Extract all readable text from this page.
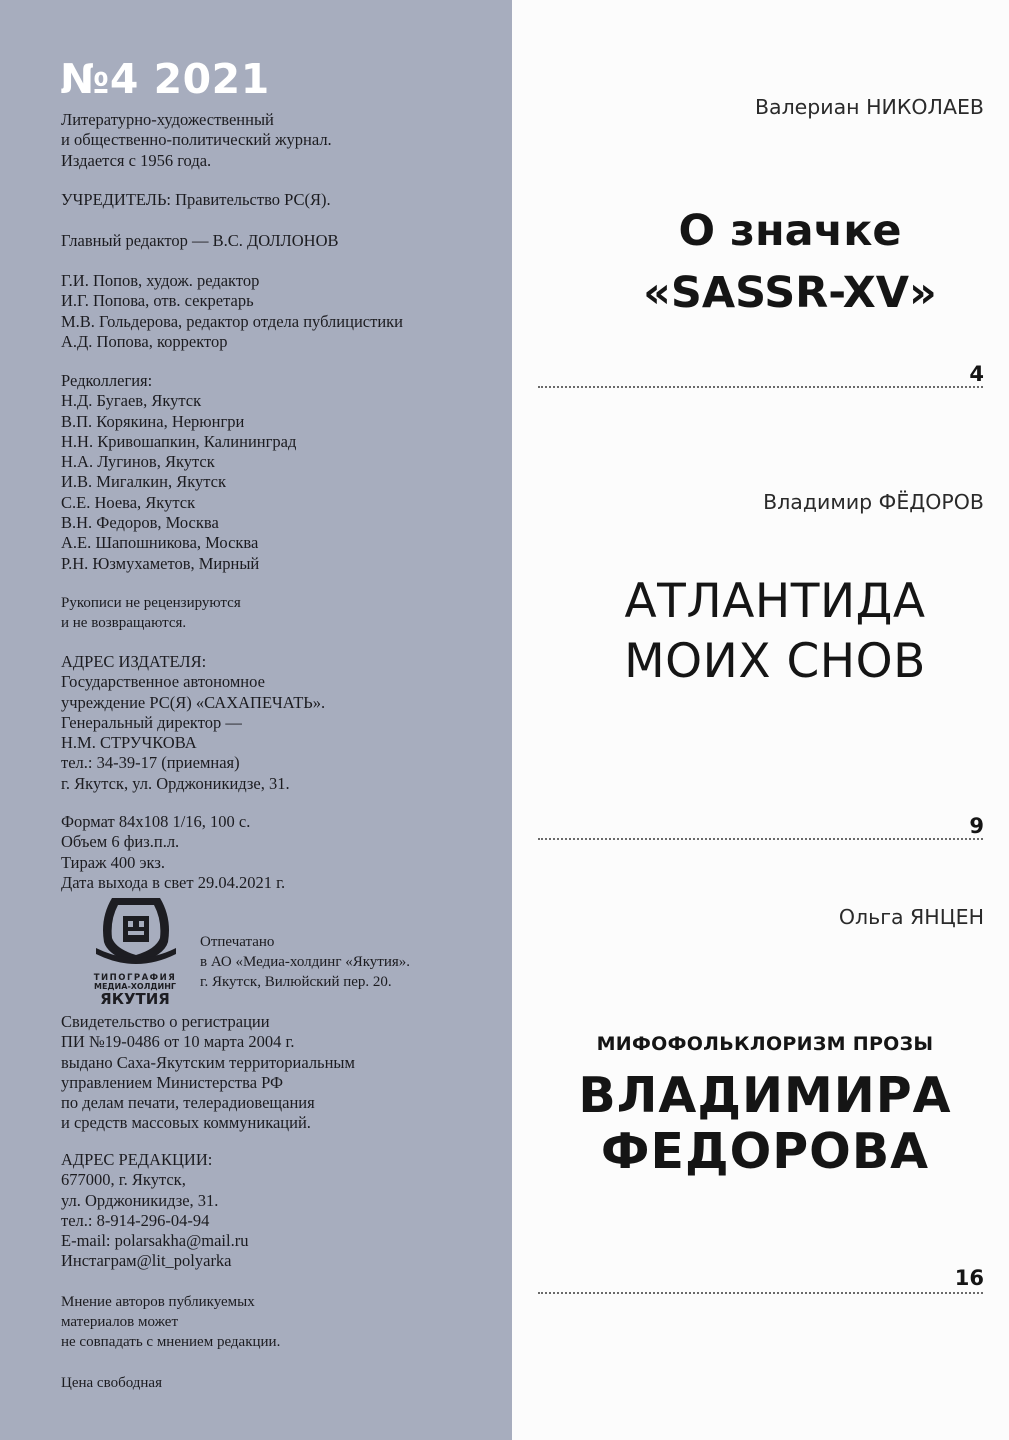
№4 2021
Литературно-художественный
и общественно-политический журнал.
Издается с 1956 года.
УЧРЕДИТЕЛЬ: Правительство РС(Я).
Главный редактор — В.С. ДОЛЛОНОВ
Г.И. Попов, худож. редактор
И.Г. Попова, отв. секретарь
М.В. Гольдерова, редактор отдела публицистики
А.Д. Попова, корректор
Редколлегия:
Н.Д. Бугаев, Якутск
В.П. Корякина, Нерюнгри
Н.Н. Кривошапкин, Калининград
Н.А. Лугинов, Якутск
И.В. Мигалкин, Якутск
С.Е. Ноева, Якутск
В.Н. Федоров, Москва
А.Е. Шапошникова, Москва
Р.Н. Юзмухаметов, Мирный
Рукописи не рецензируются
и не возвращаются.
АДРЕС ИЗДАТЕЛЯ:
Государственное автономное
учреждение РС(Я) «САХАПЕЧАТЬ».
Генеральный директор —
Н.М. СТРУЧКОВА
тел.: 34-39-17 (приемная)
г. Якутск, ул. Орджоникидзе, 31.
Формат 84х108 1/16, 100 с.
Объем 6 физ.п.л.
Тираж 400 экз.
Дата выхода в свет 29.04.2021 г.
ТИПОГРАФИЯ
МЕДИА-ХОЛДИНГ
ЯКУТИЯ
Отпечатано
в АО «Медиа-холдинг «Якутия».
г. Якутск, Вилюйский пер. 20.
Свидетельство о регистрации
ПИ №19-0486 от 10 марта 2004 г.
выдано Саха-Якутским территориальным
управлением Министерства РФ
по делам печати, телерадиовещания
и средств массовых коммуникаций.
АДРЕС РЕДАКЦИИ:
677000, г. Якутск,
ул. Орджоникидзе, 31.
тел.: 8-914-296-04-94
E-mail: polarsakha@mail.ru
Инстаграм@lit_polyarka
Мнение авторов публикуемых
материалов может
не совпадать с мнением редакции.
Цена свободная
Валериан НИКОЛАЕВ
О значке
«SASSR-XV»
4
Владимир ФЁДОРОВ
АТЛАНТИДА
МОИХ СНОВ
9
Ольга ЯНЦЕН
МИФОФОЛЬКЛОРИЗМ ПРОЗЫ
ВЛАДИМИРА
ФЕДОРОВА
16
